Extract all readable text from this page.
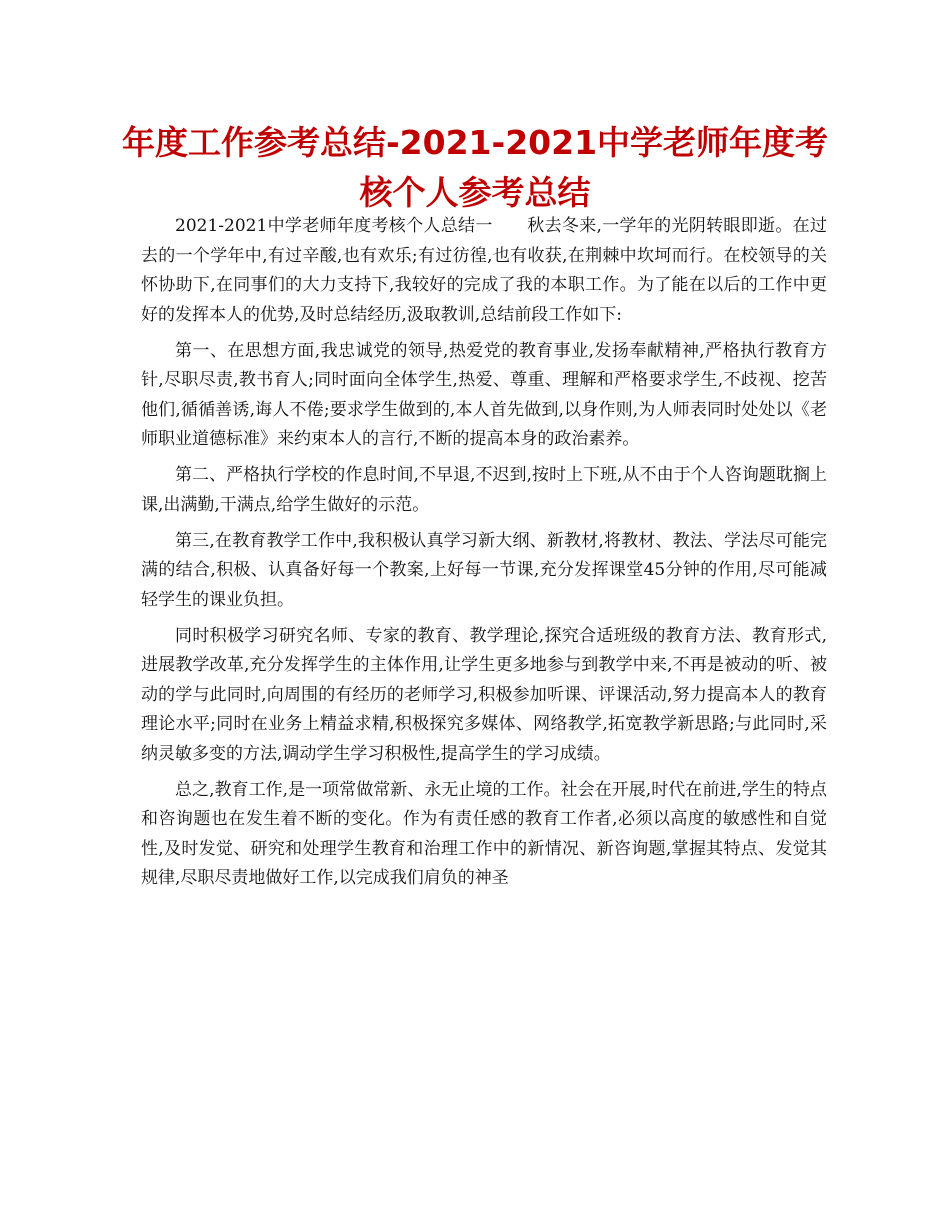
年度工作参考总结-2021-2021中学老师年度考核个人参考总结

2021-2021中学老师年度考核个人总结一　　秋去冬来,一学年的光阴转眼即逝。在过去的一个学年中,有过辛酸,也有欢乐;有过彷徨,也有收获,在荆棘中坎坷而行。在校领导的关怀协助下,在同事们的大力支持下,我较好的完成了我的本职工作。为了能在以后的工作中更好的发挥本人的优势,及时总结经历,汲取教训,总结前段工作如下:

第一、在思想方面,我忠诚党的领导,热爱党的教育事业,发扬奉献精神,严格执行教育方针,尽职尽责,教书育人;同时面向全体学生,热爱、尊重、理解和严格要求学生,不歧视、挖苦他们,循循善诱,诲人不倦;要求学生做到的,本人首先做到,以身作则,为人师表同时处处以《老师职业道德标准》来约束本人的言行,不断的提高本身的政治素养。

第二、严格执行学校的作息时间,不早退,不迟到,按时上下班,从不由于个人咨询题耽搁上课,出满勤,干满点,给学生做好的示范。

第三,在教育教学工作中,我积极认真学习新大纲、新教材,将教材、教法、学法尽可能完满的结合,积极、认真备好每一个教案,上好每一节课,充分发挥课堂45分钟的作用,尽可能减轻学生的课业负担。

同时积极学习研究名师、专家的教育、教学理论,探究合适班级的教育方法、教育形式,进展教学改革,充分发挥学生的主体作用,让学生更多地参与到教学中来,不再是被动的听、被动的学与此同时,向周围的有经历的老师学习,积极参加听课、评课活动,努力提高本人的教育理论水平;同时在业务上精益求精,积极探究多媒体、网络教学,拓宽教学新思路;与此同时,采纳灵敏多变的方法,调动学生学习积极性,提高学生的学习成绩。

总之,教育工作,是一项常做常新、永无止境的工作。社会在开展,时代在前进,学生的特点和咨询题也在发生着不断的变化。作为有责任感的教育工作者,必须以高度的敏感性和自觉性,及时发觉、研究和处理学生教育和治理工作中的新情况、新咨询题,掌握其特点、发觉其规律,尽职尽责地做好工作,以完成我们肩负的神圣
